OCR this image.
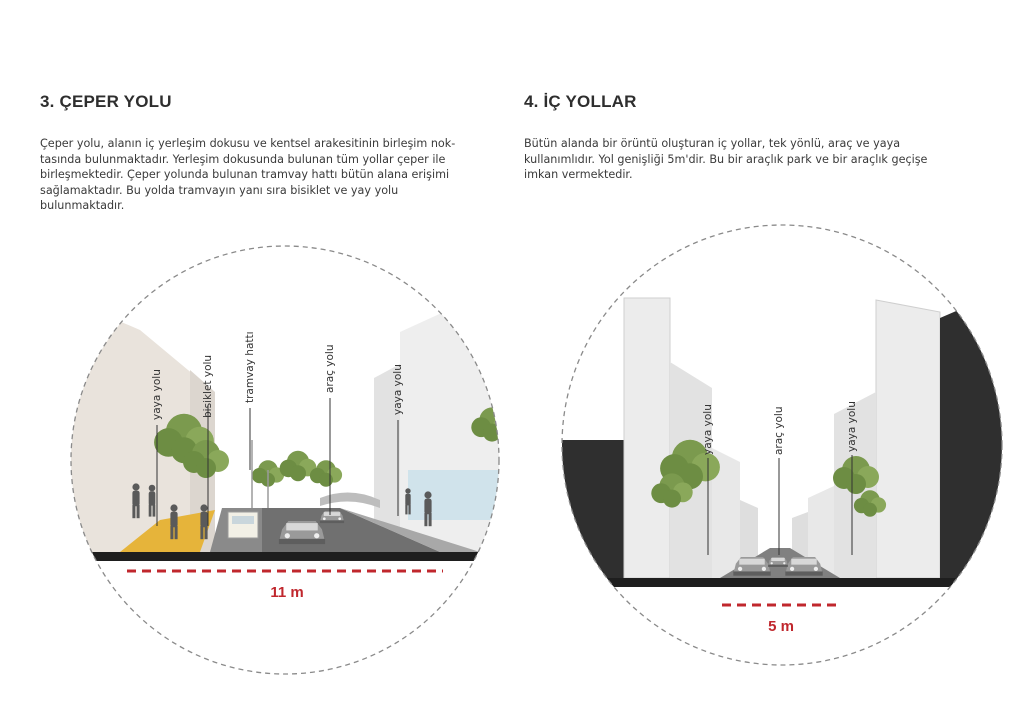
3. ÇEPER YOLU
Çeper yolu, alanın iç yerleşim dokusu ve kentsel arakesitinin birleşim nok-
tasında bulunmaktadır. Yerleşim dokusunda bulunan tüm yollar çeper ile
birleşmektedir. Çeper yolunda bulunan tramvay hattı bütün alana erişimi
sağlamaktadır. Bu yolda tramvayın yanı sıra bisiklet ve yay yolu
bulunmaktadır.
4. İÇ YOLLAR
Bütün alanda bir örüntü oluşturan iç yollar, tek yönlü, araç ve yaya
kullanımlıdır. Yol genişliği 5m'dir. Bu bir araçlık park ve bir araçlık geçişe
imkan vermektedir.
yaya yolu	bisiklet yolu	tramvay hattı	araç yolu	yaya yolu
11 m
yaya yolu	araç yolu	yaya yolu
5 m
